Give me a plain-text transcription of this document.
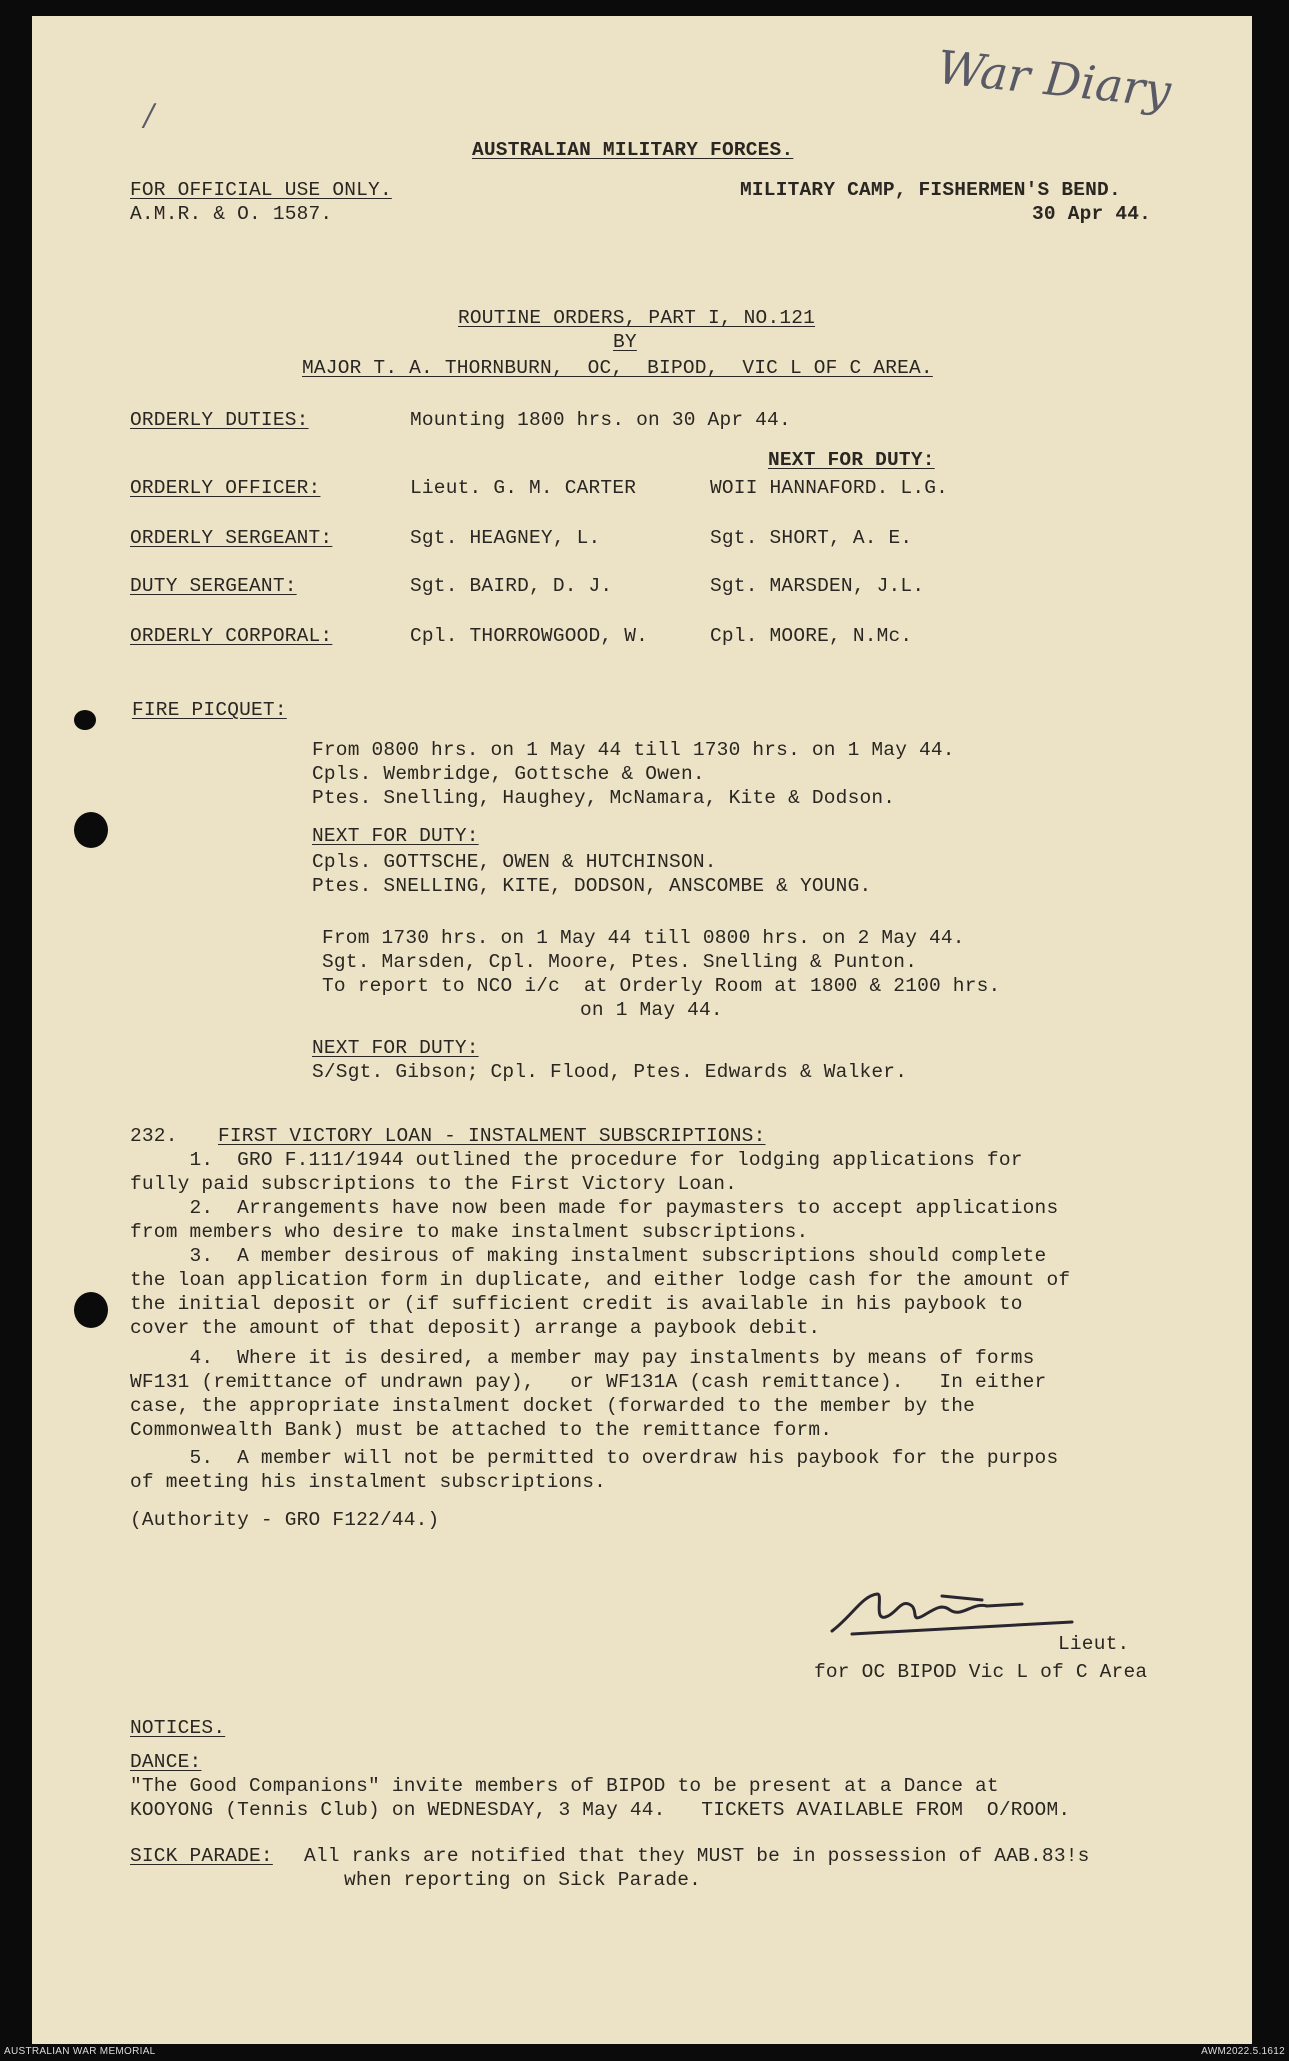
War Diary
/
AUSTRALIAN MILITARY FORCES.
FOR OFFICIAL USE ONLY.
A.M.R. & O. 1587.
MILITARY CAMP, FISHERMEN'S BEND.
30 Apr 44.
ROUTINE ORDERS, PART I, NO.121
BY
MAJOR T. A. THORNBURN,  OC,  BIPOD,  VIC L OF C AREA.
ORDERLY DUTIES:	Mounting 1800 hrs. on 30 Apr 44.
NEXT FOR DUTY:
ORDERLY OFFICER:	Lieut. G. M. CARTER	WOII HANNAFORD. L.G.
ORDERLY SERGEANT:	Sgt. HEAGNEY, L.	Sgt. SHORT, A. E.
DUTY SERGEANT:	Sgt. BAIRD, D. J.	Sgt. MARSDEN, J.L.
ORDERLY CORPORAL:	Cpl. THORROWGOOD, W.	Cpl. MOORE, N.Mc.
FIRE PICQUET:
From 0800 hrs. on 1 May 44 till 1730 hrs. on 1 May 44.
Cpls. Wembridge, Gottsche & Owen.
Ptes. Snelling, Haughey, McNamara, Kite & Dodson.
NEXT FOR DUTY:
Cpls. GOTTSCHE, OWEN & HUTCHINSON.
Ptes. SNELLING, KITE, DODSON, ANSCOMBE & YOUNG.
From 1730 hrs. on 1 May 44 till 0800 hrs. on 2 May 44.
Sgt. Marsden, Cpl. Moore, Ptes. Snelling & Punton.
To report to NCO i/c  at Orderly Room at 1800 & 2100 hrs.
on 1 May 44.
NEXT FOR DUTY:
S/Sgt. Gibson; Cpl. Flood, Ptes. Edwards & Walker.
232. FIRST VICTORY LOAN - INSTALMENT SUBSCRIPTIONS:
1.  GRO F.111/1944 outlined the procedure for lodging applications for
fully paid subscriptions to the First Victory Loan.
2.  Arrangements have now been made for paymasters to accept applications
from members who desire to make instalment subscriptions.
3.  A member desirous of making instalment subscriptions should complete
the loan application form in duplicate, and either lodge cash for the amount of
the initial deposit or (if sufficient credit is available in his paybook to
cover the amount of that deposit) arrange a paybook debit.
4.  Where it is desired, a member may pay instalments by means of forms
WF131 (remittance of undrawn pay),   or WF131A (cash remittance).   In either
case, the appropriate instalment docket (forwarded to the member by the
Commonwealth Bank) must be attached to the remittance form.
5.  A member will not be permitted to overdraw his paybook for the purpos
of meeting his instalment subscriptions.
(Authority - GRO F122/44.)
Lieut.
for OC BIPOD Vic L of C Area
NOTICES.
DANCE:
"The Good Companions" invite members of BIPOD to be present at a Dance at
KOOYONG (Tennis Club) on WEDNESDAY, 3 May 44.   TICKETS AVAILABLE FROM  O/ROOM.
SICK PARADE: All ranks are notified that they MUST be in possession of AAB.83!s
when reporting on Sick Parade.
AUSTRALIAN WAR MEMORIAL	AWM2022.5.1612
